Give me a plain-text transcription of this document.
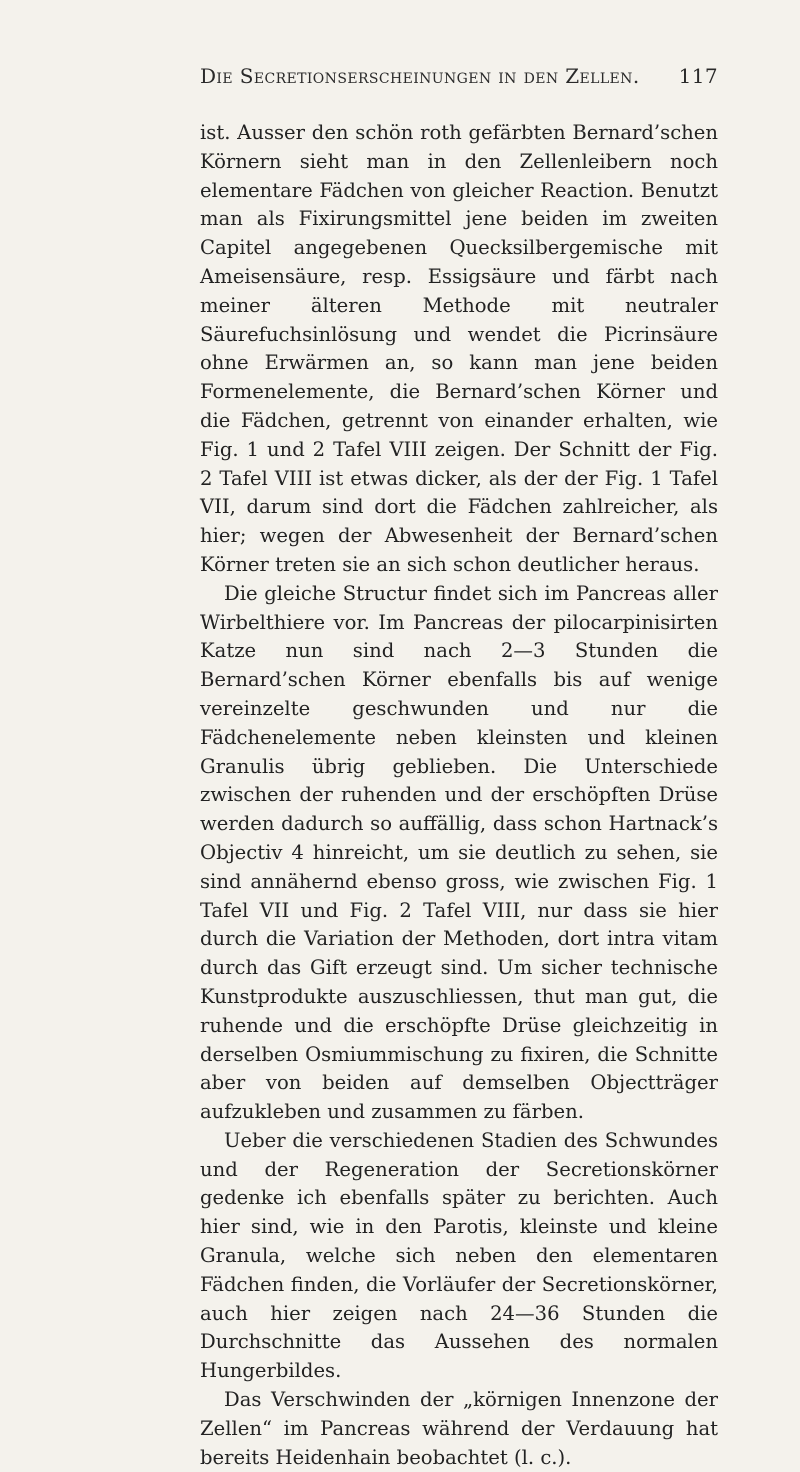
Die Secretionserscheinungen in den Zellen. 117

ist. Ausser den schön roth gefärbten Bernard’schen Körnern sieht man in den Zellenleibern noch elementare Fädchen von gleicher Reaction. Benutzt man als Fixirungsmittel jene beiden im zweiten Capitel angegebenen Quecksilbergemische mit Ameisensäure, resp. Essigsäure und färbt nach meiner älteren Methode mit neutraler Säurefuchsinlösung und wendet die Picrinsäure ohne Erwärmen an, so kann man jene beiden Formenelemente, die Bernard’schen Körner und die Fädchen, getrennt von einander erhalten, wie Fig. 1 und 2 Tafel VIII zeigen. Der Schnitt der Fig. 2 Tafel VIII ist etwas dicker, als der der Fig. 1 Tafel VII, darum sind dort die Fädchen zahlreicher, als hier; wegen der Abwesenheit der Bernard’schen Körner treten sie an sich schon deutlicher heraus.

Die gleiche Structur findet sich im Pancreas aller Wirbelthiere vor. Im Pancreas der pilocarpinisirten Katze nun sind nach 2—3 Stunden die Bernard’schen Körner ebenfalls bis auf wenige vereinzelte geschwunden und nur die Fädchenelemente neben kleinsten und kleinen Granulis übrig geblieben. Die Unterschiede zwischen der ruhenden und der erschöpften Drüse werden dadurch so auffällig, dass schon Hartnack’s Objectiv 4 hinreicht, um sie deutlich zu sehen, sie sind annähernd ebenso gross, wie zwischen Fig. 1 Tafel VII und Fig. 2 Tafel VIII, nur dass sie hier durch die Variation der Methoden, dort intra vitam durch das Gift erzeugt sind. Um sicher technische Kunstprodukte auszuschliessen, thut man gut, die ruhende und die erschöpfte Drüse gleichzeitig in derselben Osmiummischung zu fixiren, die Schnitte aber von beiden auf demselben Objectträger aufzukleben und zusammen zu färben.

Ueber die verschiedenen Stadien des Schwundes und der Regeneration der Secretionskörner gedenke ich ebenfalls später zu berichten. Auch hier sind, wie in den Parotis, kleinste und kleine Granula, welche sich neben den elementaren Fädchen finden, die Vorläufer der Secretionskörner, auch hier zeigen nach 24—36 Stunden die Durchschnitte das Aussehen des normalen Hungerbildes.

Das Verschwinden der „körnigen Innenzone der Zellen“ im Pancreas während der Verdauung hat bereits Heidenhain beobachtet (l. c.).
